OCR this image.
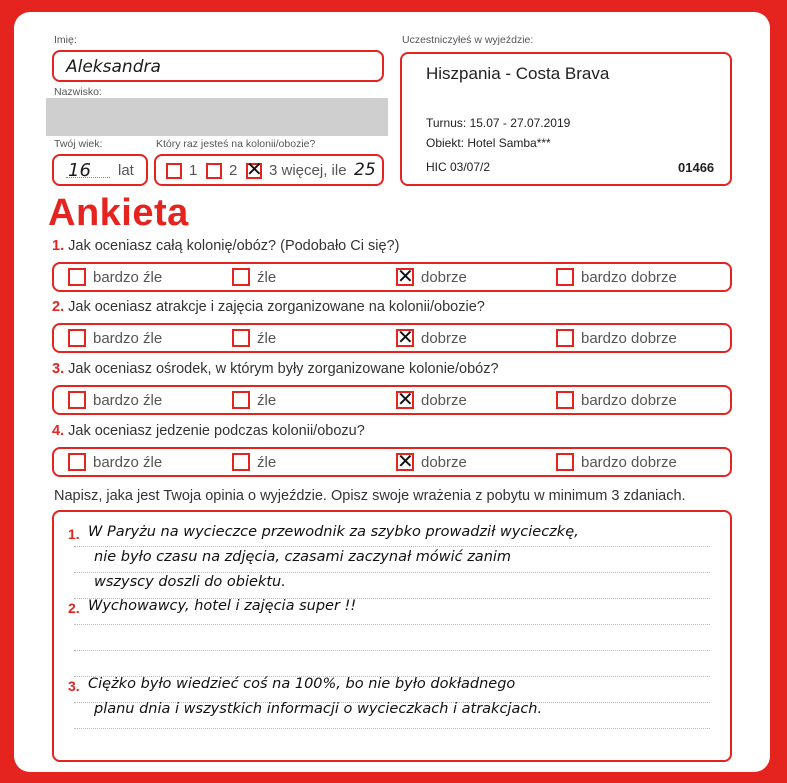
Imię:
Aleksandra
Nazwisko:
Twój wiek:
16 lat
Który raz jesteś na kolonii/obozie?
1 2 ✕ 3 więcej, ile 25
Uczestniczyłeś w wyjeździe:
Hiszpania - Costa Brava
Turnus: 15.07 - 27.07.2019
Obiekt: Hotel Samba***
HIC 03/07/2	01466
Ankieta
1. Jak oceniasz całą kolonię/obóz? (Podobało Ci się?)
bardzo źle	źle	✕ dobrze	bardzo dobrze
2. Jak oceniasz atrakcje i zajęcia zorganizowane na kolonii/obozie?
bardzo źle	źle	✕ dobrze	bardzo dobrze
3. Jak oceniasz ośrodek, w którym były zorganizowane kolonie/obóz?
bardzo źle	źle	✕ dobrze	bardzo dobrze
4. Jak oceniasz jedzenie podczas kolonii/obozu?
bardzo źle	źle	✕ dobrze	bardzo dobrze
Napisz, jaka jest Twoja opinia o wyjeździe. Opisz swoje wrażenia z pobytu w minimum 3 zdaniach.
1. W Paryżu na wycieczce przewodnik za szybko prowadził wycieczkę,
nie było czasu na zdjęcia, czasami zaczynał mówić zanim
wszyscy doszli do obiektu.
2. Wychowawcy, hotel i zajęcia super !!
3. Ciężko było wiedzieć coś na 100%, bo nie było dokładnego
planu dnia i wszystkich informacji o wycieczkach i atrakcjach.
